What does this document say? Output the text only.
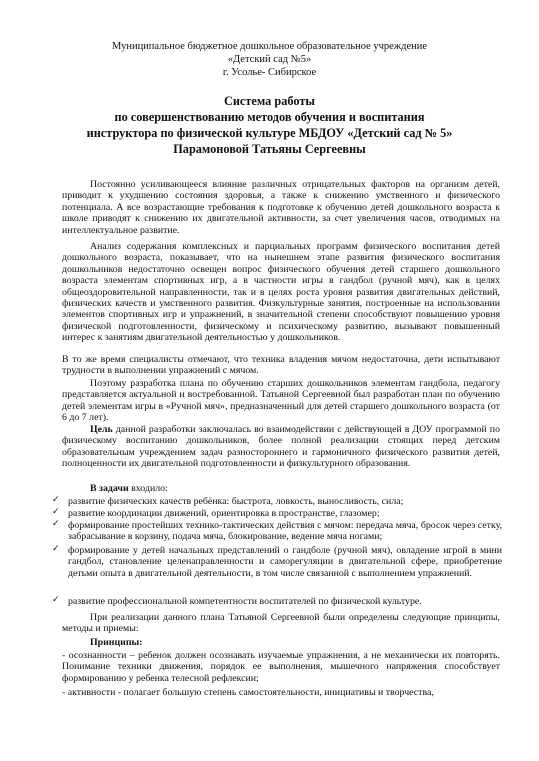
Муниципальное бюджетное дошкольное образовательное учреждение
«Детский сад №5»
г. Усолье- Сибирское
Система работы
по совершенствованию методов обучения и воспитания
инструктора по физической культуре МБДОУ «Детский сад № 5»
Парамоновой Татьяны Сергеевны

Постоянно усиливающееся влияние различных отрицательных факторов на организм детей, приводит к ухудшению состояния здоровья, а также к снижению умственного и физического потенциала. А все возрастающие требования к подготовке к обучению детей дошкольного возраста к школе приводят к снижению их двигательной активности, за счет увеличения часов, отводимых на интеллектуальное развитие.

Анализ содержания комплексных и парциальных программ физического воспитания детей дошкольного возраста, показывает, что на нынешнем этапе развития физического воспитания дошкольников недостаточно освещен вопрос физического обучения детей старшего дошкольного возраста элементам спортивных игр, а в частности игры в гандбол (ручной мяч), как в целях общеоздоровительной направленности, так и в целях роста уровня развития двигательных действий, физических качеств и умственного развития. Физкультурные занятия, построенные на использовании элементов спортивных игр и упражнений, в значительной степени способствуют повышению уровня физической подготовленности, физическому и психическому развитию, вызывают повышенный интерес к занятиям двигательной деятельностью у дошкольников.

В то же время специалисты отмечают, что техника владения мячом недостаточна, дети испытывают трудности в выполнении упражнений с мячом.

Поэтому разработка плана по обучению старших дошкольников элементам гандбола, педагогу представляется актуальной и востребованной. Татьяной Сергеевной был разработан план по обучению детей элементам игры в «Ручной мяч», предназначенный для детей старшего дошкольного возраста (от 6 до 7 лет).

Цель данной разработки заключалась во взаимодействии с действующей в ДОУ программой по физическому воспитанию дошкольников, более полной реализации стоящих перед детским образовательным учреждением задач разностороннего и гармоничного физического развития детей, полноценности их двигательной подготовленности и физкультурного образования.

В задачи входило:

✓ развитие физических качеств ребёнка: быстрота, ловкость, выносливость, сила;
✓ развитие координации движений, ориентировка в пространстве, глазомер;
✓ формирование простейших технико-тактических действия с мячом: передача мяча, бросок через сетку, забрасывание в корзину, подача мяча, блокирование, ведение мяча ногами;
✓ формирование у детей начальных представлений о гандболе (ручной мяч), овладение игрой в мини гандбол, становление целенаправленности и саморегуляции в двигательной сфере, приобретение детьми опыта в двигательной деятельности, в том числе связанной с выполнением упражнений.
✓ развитие профессиональной компетентности воспитателей по физической культуре.

При реализации данного плана Татьяной Сергеевной были определены следующие принципы, методы и приемы:

Принципы:

- осознанности – ребенок должен осознавать изучаемые упражнения, а не механически их повторять. Понимание техники движения, порядок ее выполнения, мышечного напряжения способствует формированию у ребенка телесной рефлексии;

- активности - полагает большую степень самостоятельности, инициативы и творчества,
